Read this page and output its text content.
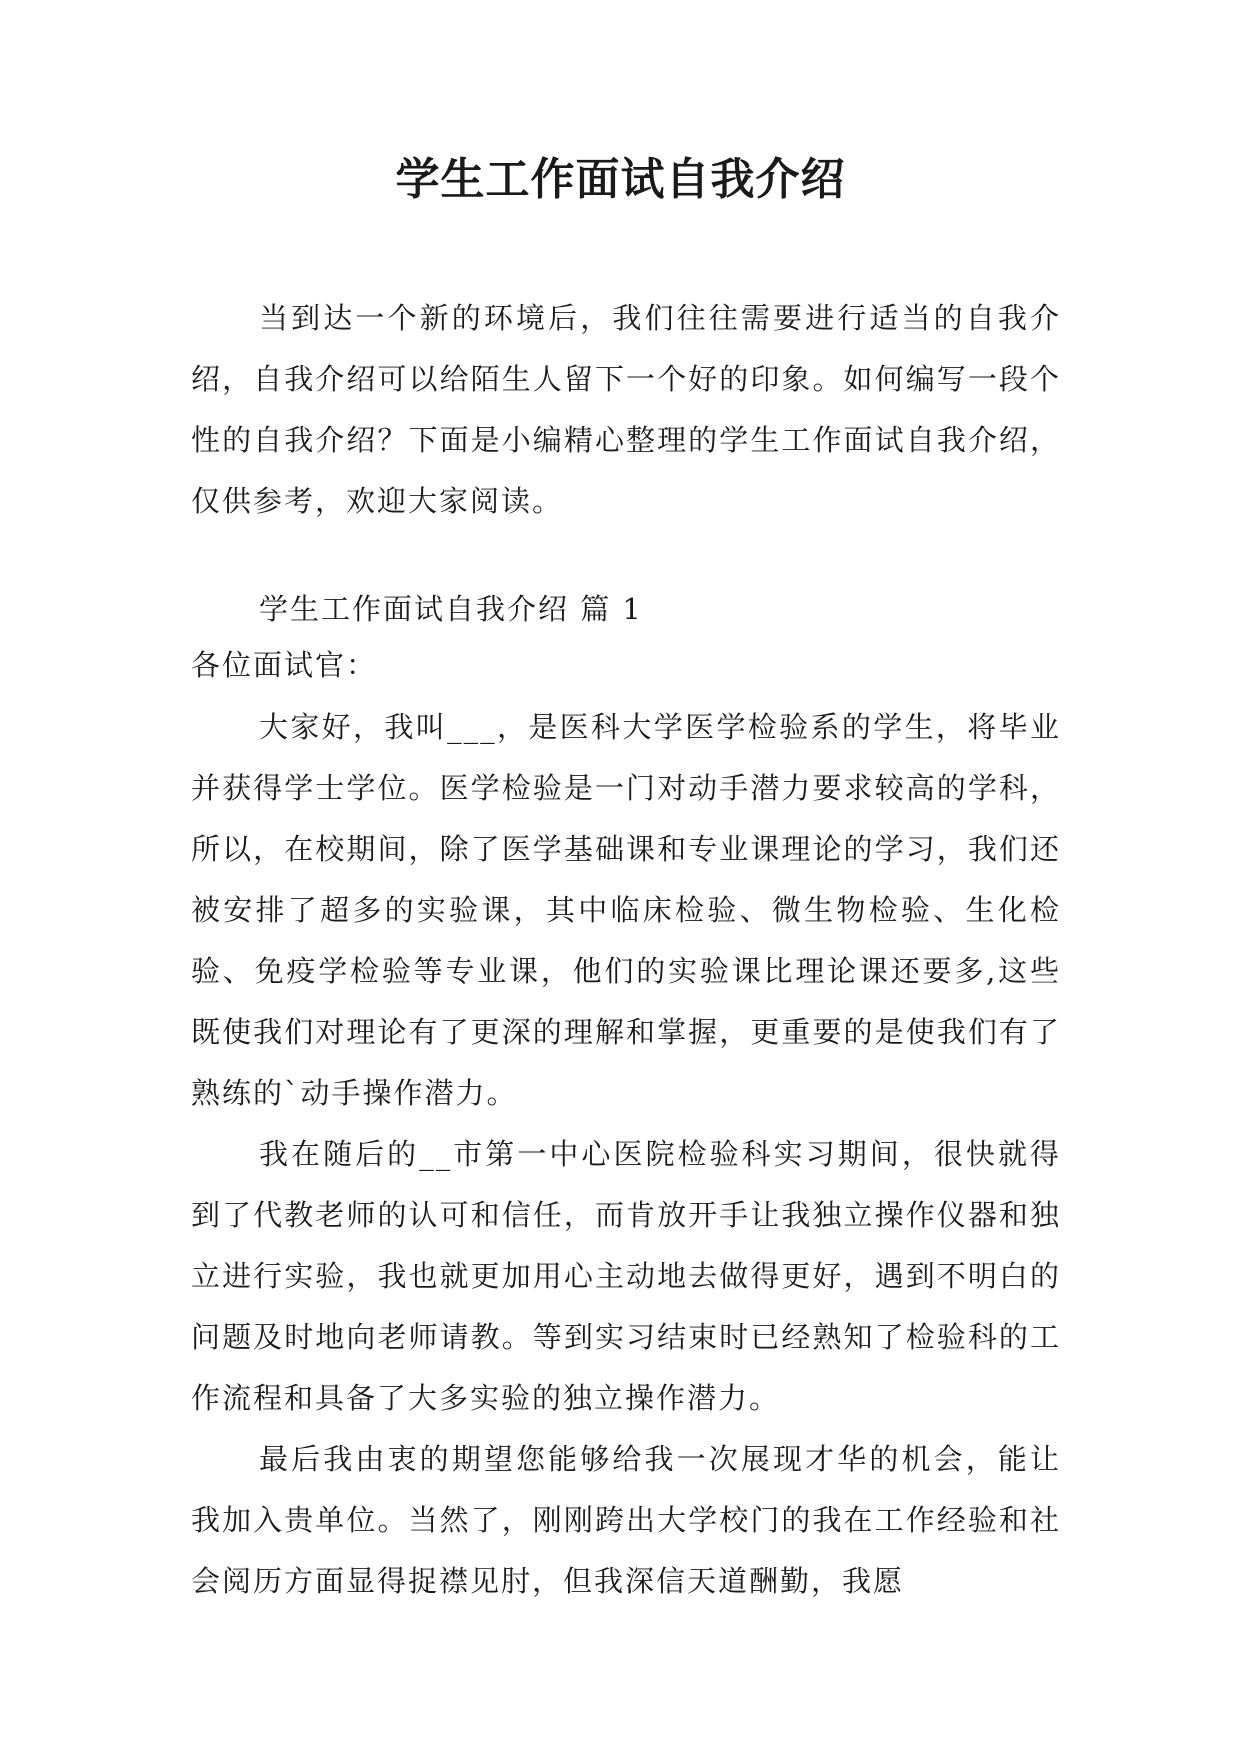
学生工作面试自我介绍

当到达一个新的环境后，我们往往需要进行适当的自我介绍，自我介绍可以给陌生人留下一个好的印象。如何编写一段个性的自我介绍？下面是小编精心整理的学生工作面试自我介绍，仅供参考，欢迎大家阅读。

学生工作面试自我介绍 篇 1

各位面试官：

大家好，我叫___，是医科大学医学检验系的学生，将毕业并获得学士学位。医学检验是一门对动手潜力要求较高的学科，所以，在校期间，除了医学基础课和专业课理论的学习，我们还被安排了超多的实验课，其中临床检验、微生物检验、生化检验、免疫学检验等专业课，他们的实验课比理论课还要多,这些既使我们对理论有了更深的理解和掌握，更重要的是使我们有了熟练的`动手操作潜力。

我在随后的__市第一中心医院检验科实习期间，很快就得到了代教老师的认可和信任，而肯放开手让我独立操作仪器和独立进行实验，我也就更加用心主动地去做得更好，遇到不明白的问题及时地向老师请教。等到实习结束时已经熟知了检验科的工作流程和具备了大多实验的独立操作潜力。

最后我由衷的期望您能够给我一次展现才华的机会，能让我加入贵单位。当然了，刚刚跨出大学校门的我在工作经验和社会阅历方面显得捉襟见肘，但我深信天道酬勤，我愿
